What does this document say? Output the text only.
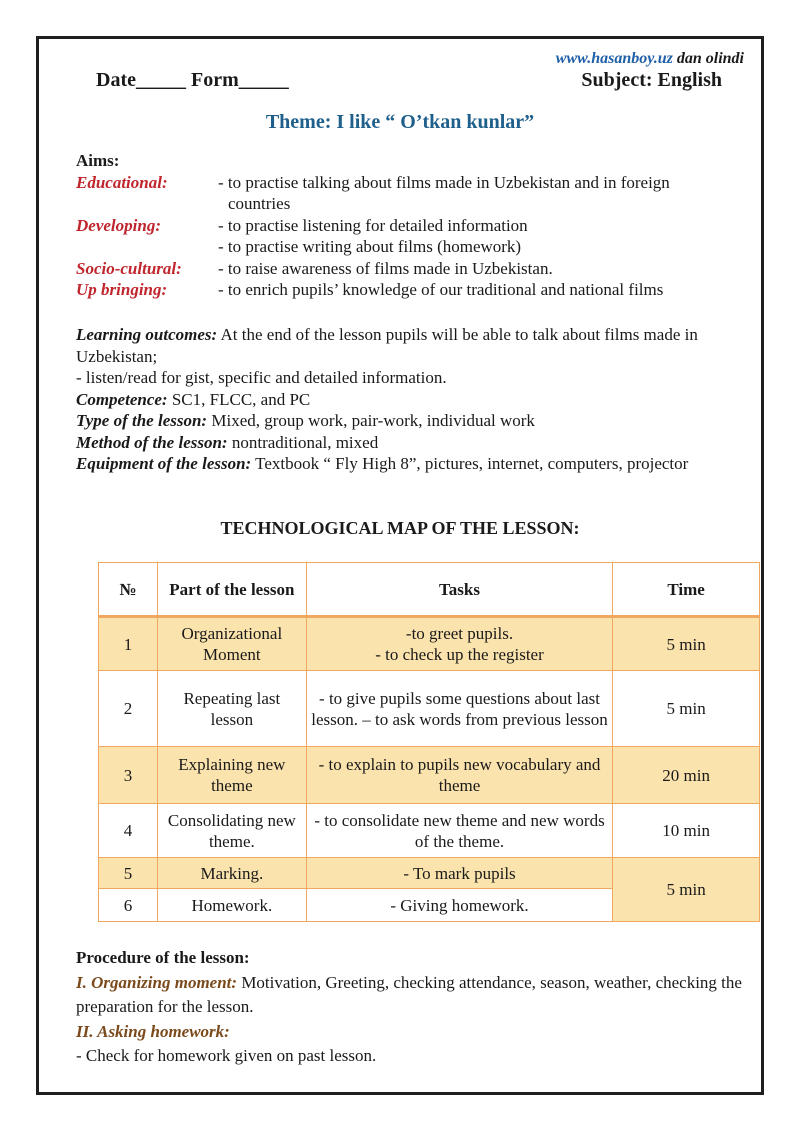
www.hasanboy.uz dan olindi
Date_____ Form_____	Subject: English
Theme: I like “ O’tkan kunlar”
Aims:
Educational:	- to practise talking about films made in Uzbekistan and in foreign
countries
Developing:	- to practise listening for detailed information
- to practise writing about films (homework)
Socio-cultural:	- to raise awareness of films made in Uzbekistan.
Up bringing:	- to enrich pupils’ knowledge of our traditional and national films
Learning outcomes: At the end of the lesson pupils will be able to talk about films made in Uzbekistan;
- listen/read for gist, specific and detailed information.
Competence: SC1, FLCC, and PC
Type of the lesson: Mixed, group work, pair-work, individual work
Method of the lesson: nontraditional, mixed
Equipment of the lesson: Textbook “ Fly High 8”, pictures, internet, computers, projector
TECHNOLOGICAL MAP OF THE LESSON:
№	Part of the lesson	Tasks	Time
1	Organizational Moment	-to greet pupils.
- to check up the register	5 min
2	Repeating last lesson	- to give pupils some questions about last lesson. – to ask words from previous lesson	5 min
3	Explaining new theme	- to explain to pupils new vocabulary and theme	20 min
4	Consolidating new theme.	- to consolidate new theme and new words of the theme.	10 min
5	Marking.	- To mark pupils	5 min
6	Homework.	- Giving homework.	
Procedure of the lesson:
I. Organizing moment: Motivation, Greeting, checking attendance, season, weather, checking the preparation for the lesson.
II. Asking homework:
- Check for homework given on past lesson.
